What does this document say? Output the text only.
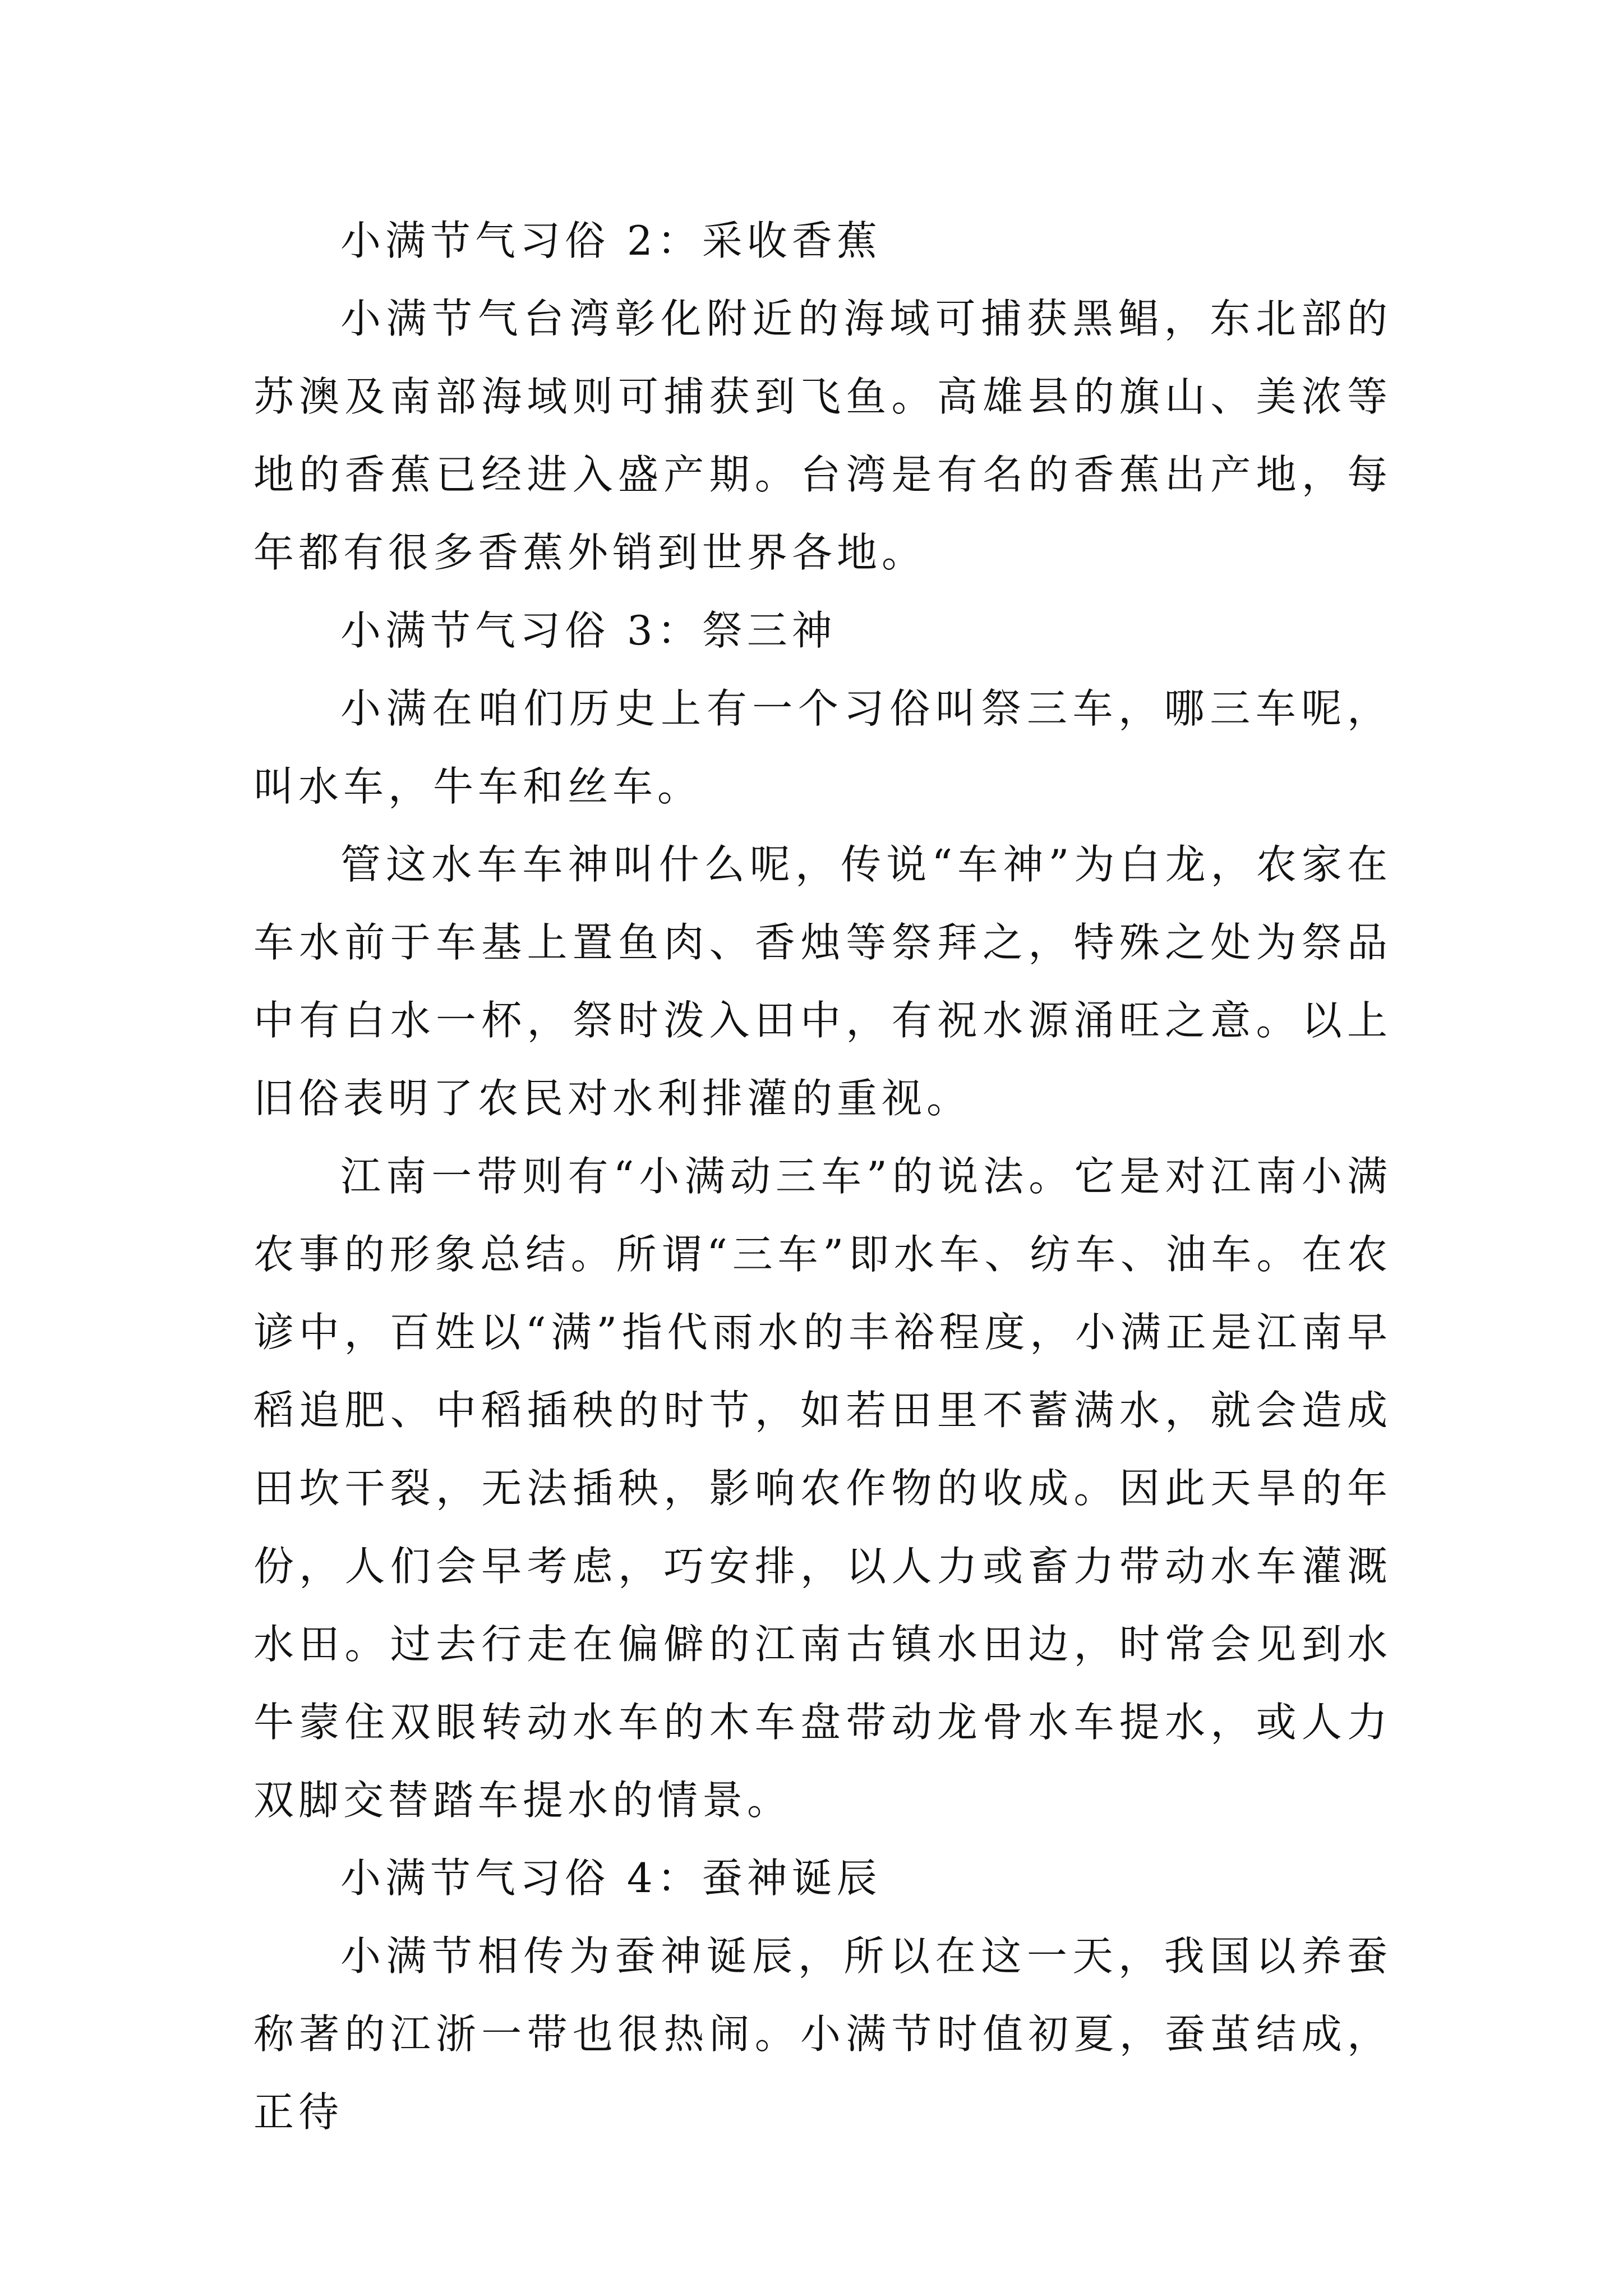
小满节气习俗 2：采收香蕉

小满节气台湾彰化附近的海域可捕获黑鲳，东北部的苏澳及南部海域则可捕获到飞鱼。高雄县的旗山、美浓等地的香蕉已经进入盛产期。台湾是有名的香蕉出产地，每年都有很多香蕉外销到世界各地。

小满节气习俗 3：祭三神

小满在咱们历史上有一个习俗叫祭三车，哪三车呢，叫水车，牛车和丝车。

管这水车车神叫什么呢，传说“车神”为白龙，农家在车水前于车基上置鱼肉、香烛等祭拜之，特殊之处为祭品中有白水一杯，祭时泼入田中，有祝水源涌旺之意。以上旧俗表明了农民对水利排灌的重视。

江南一带则有“小满动三车”的说法。它是对江南小满农事的形象总结。所谓“三车”即水车、纺车、油车。在农谚中，百姓以“满”指代雨水的丰裕程度，小满正是江南早稻追肥、中稻插秧的时节，如若田里不蓄满水，就会造成田坎干裂，无法插秧，影响农作物的收成。因此天旱的年份，人们会早考虑，巧安排，以人力或畜力带动水车灌溉水田。过去行走在偏僻的江南古镇水田边，时常会见到水牛蒙住双眼转动水车的木车盘带动龙骨水车提水，或人力双脚交替踏车提水的情景。

小满节气习俗 4：蚕神诞辰

小满节相传为蚕神诞辰，所以在这一天，我国以养蚕称著的江浙一带也很热闹。小满节时值初夏，蚕茧结成，正待
